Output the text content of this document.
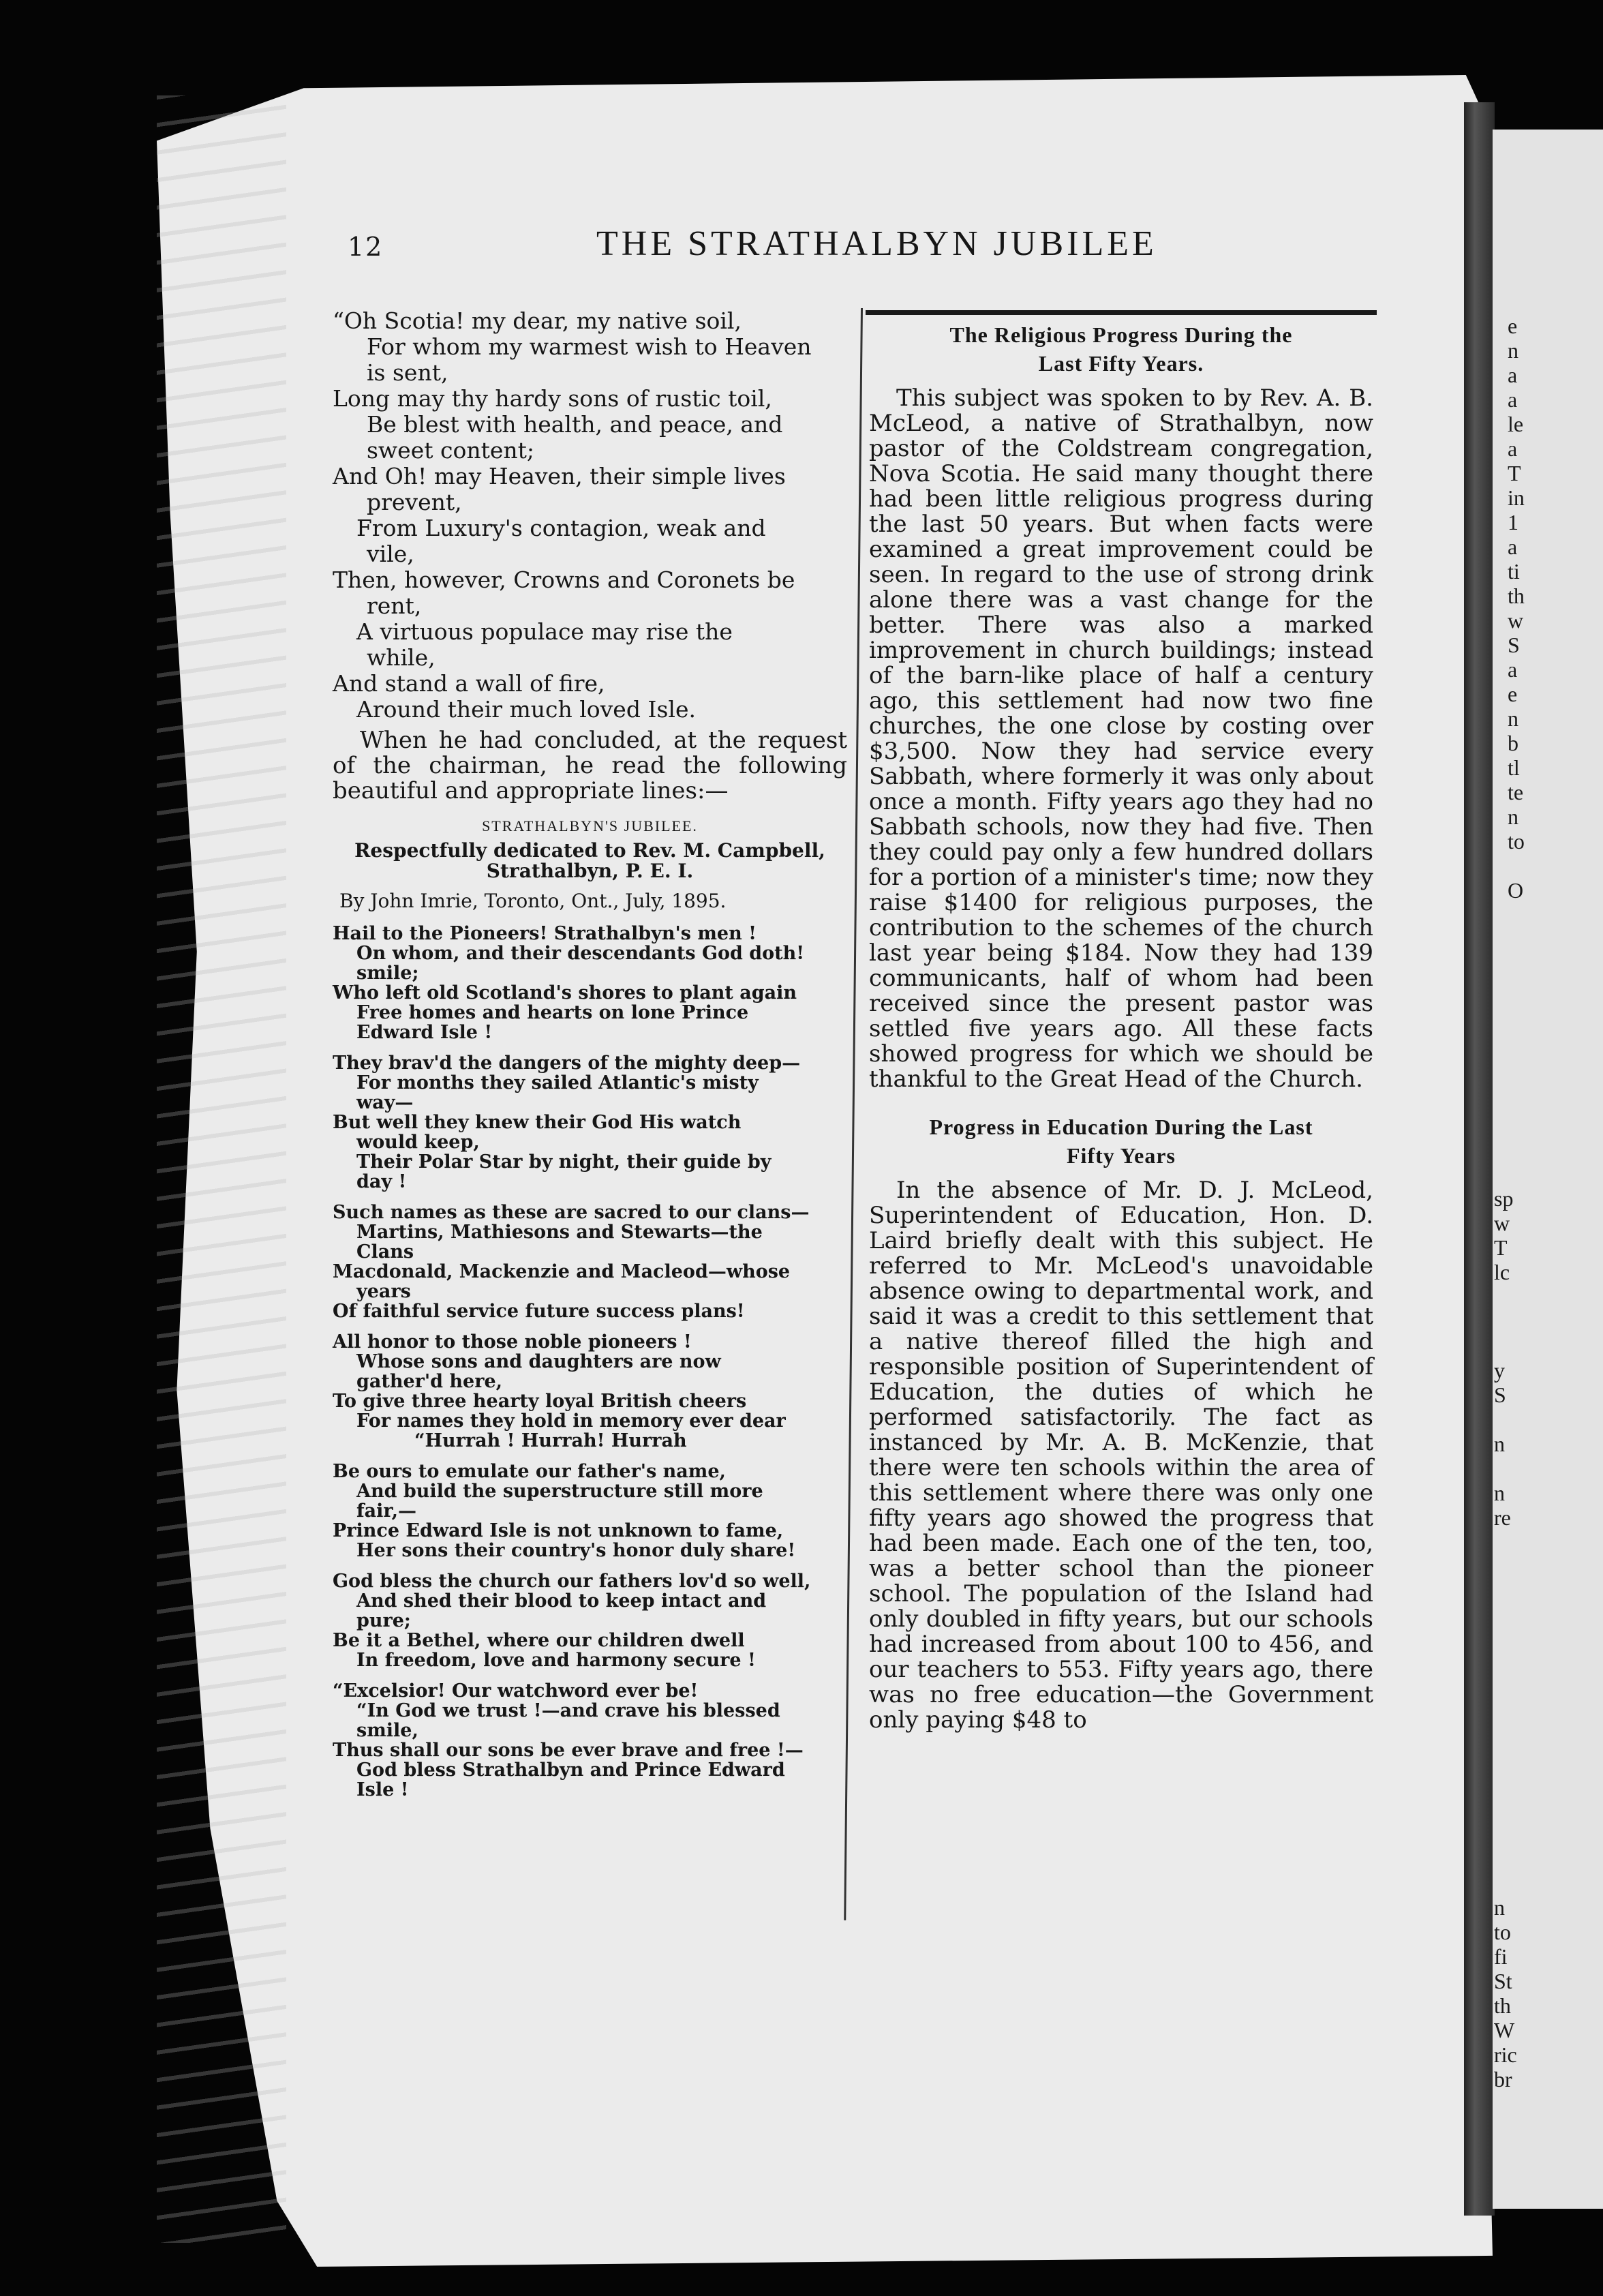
e
n
a
a
le
a
T
in
1
a
ti
th
w
S
a
e
n
b
tl
te
n
to

O
sp
w
T
lc

y
S

n

n
re
n
to
fi
St
th
W
ric
br
12	THE STRATHALBYN JUBILEE
“Oh Scotia! my dear, my native soil,
For whom my warmest wish to Heaven
is sent,
Long may thy hardy sons of rustic toil,
Be blest with health, and peace, and
sweet content;
And Oh! may Heaven, their simple lives
prevent,
From Luxury's contagion, weak and
vile,
Then, however, Crowns and Coronets be
rent,
A virtuous populace may rise the
while,
And stand a wall of fire,
Around their much loved Isle.

When he had concluded, at the request of the chairman, he read the following beautiful and appropriate lines:—

STRATHALBYN'S JUBILEE.
Respectfully dedicated to Rev. M. Campbell,
Strathalbyn, P. E. I.
By John Imrie, Toronto, Ont., July, 1895.
Hail to the Pioneers! Strathalbyn's men !
On whom, and their descendants God doth!
smile;
Who left old Scotland's shores to plant again
Free homes and hearts on lone Prince
Edward Isle !
They brav'd the dangers of the mighty deep—
For months they sailed Atlantic's misty
way—
But well they knew their God His watch
would keep,
Their Polar Star by night, their guide by
day !
Such names as these are sacred to our clans—
Martins, Mathiesons and Stewarts—the
Clans
Macdonald, Mackenzie and Macleod—whose
years
Of faithful service future success plans!
All honor to those noble pioneers !
Whose sons and daughters are now
gather'd here,
To give three hearty loyal British cheers
For names they hold in memory ever dear
“Hurrah ! Hurrah! Hurrah
Be ours to emulate our father's name,
And build the superstructure still more
fair,—
Prince Edward Isle is not unknown to fame,
Her sons their country's honor duly share!
God bless the church our fathers lov'd so well,
And shed their blood to keep intact and
pure;
Be it a Bethel, where our children dwell
In freedom, love and harmony secure !
“Excelsior! Our watchword ever be!
“In God we trust !—and crave his blessed
smile,
Thus shall our sons be ever brave and free !—
God bless Strathalbyn and Prince Edward
Isle !
The Religious Progress During the
Last Fifty Years.

This subject was spoken to by Rev. A. B. McLeod, a native of Strathalbyn, now pastor of the Coldstream congregation, Nova Scotia. He said many thought there had been little religious progress during the last 50 years. But when facts were examined a great improvement could be seen. In regard to the use of strong drink alone there was a vast change for the better. There was also a marked improvement in church buildings; instead of the barn-like place of half a century ago, this settlement had now two fine churches, the one close by costing over $3,500. Now they had service every Sabbath, where formerly it was only about once a month. Fifty years ago they had no Sabbath schools, now they had five. Then they could pay only a few hundred dollars for a portion of a minister's time; now they raise $1400 for religious purposes, the contribution to the schemes of the church last year being $184. Now they had 139 communicants, half of whom had been received since the present pastor was settled five years ago. All these facts showed progress for which we should be thankful to the Great Head of the Church.

Progress in Education During the Last
Fifty Years

In the absence of Mr. D. J. McLeod, Superintendent of Education, Hon. D. Laird briefly dealt with this subject. He referred to Mr. McLeod's unavoidable absence owing to departmental work, and said it was a credit to this settlement that a native thereof filled the high and responsible position of Superintendent of Education, the duties of which he performed satisfactorily. The fact as instanced by Mr. A. B. McKenzie, that there were ten schools within the area of this settlement where there was only one fifty years ago showed the progress that had been made. Each one of the ten, too, was a better school than the pioneer school. The population of the Island had only doubled in fifty years, but our schools had increased from about 100 to 456, and our teachers to 553. Fifty years ago, there was no free education—the Government only paying $48 to
